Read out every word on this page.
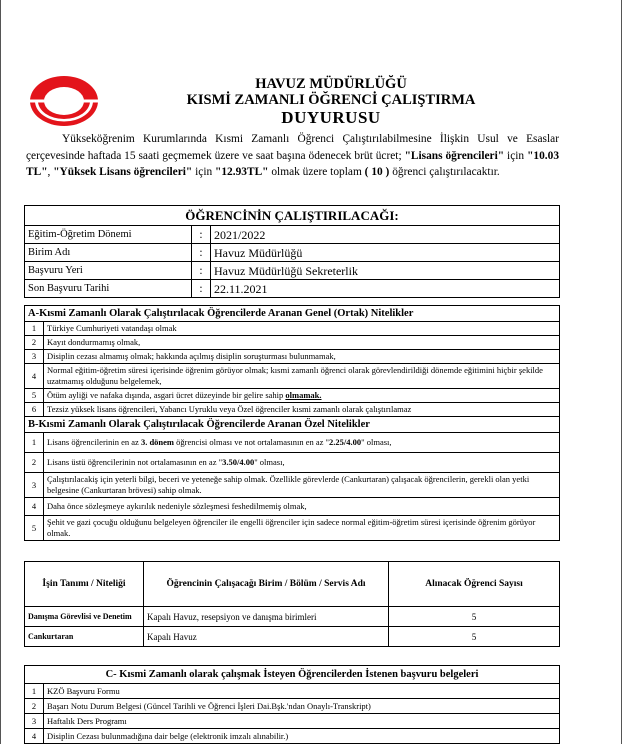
HAVUZ MÜDÜRLÜĞÜ
KISMİ ZAMANLI ÖĞRENCİ ÇALIŞTIRMA
DUYURUSU
Yükseköğrenim Kurumlarında Kısmi Zamanlı Öğrenci Çalıştırılabilmesine İlişkin Usul ve Esaslar çerçevesinde haftada 15 saati geçmemek üzere ve saat başına ödenecek brüt ücret; "Lisans öğrencileri" için "10.03 TL", "Yüksek Lisans öğrencileri" için "12.93TL" olmak üzere toplam ( 10 ) öğrenci çalıştırılacaktır.
ÖĞRENCİNİN ÇALIŞTIRILACAĞI:		
Eğitim-Öğretim Dönemi	:	2021/2022
Birim Adı	:	Havuz Müdürlüğü
Başvuru Yeri	:	Havuz Müdürlüğü Sekreterlik
Son Başvuru Tarihi	:	22.11.2021
A-Kısmi Zamanlı Olarak Çalıştırılacak Öğrencilerde Aranan Genel (Ortak) Nitelikler	
1	Türkiye Cumhuriyeti vatandaşı olmak
2	Kayıt dondurmamış olmak,
3	Disiplin cezası almamış olmak; hakkında açılmış disiplin soruşturması bulunmamak,
4	Normal eğitim-öğretim süresi içerisinde öğrenim görüyor olmak; kısmi zamanlı öğrenci olarak görevlendirildiği dönemde eğitimini hiçbir şekilde uzatmamış olduğunu belgelemek,
5	Ötüm ayliği ve nafaka dışında, asgari ücret düzeyinde bir gelire sahip olmamak.
6	Tezsiz yüksek lisans öğrencileri, Yabancı Uyruklu veya Özel öğrenciler kısmi zamanlı olarak çalıştırılamaz
B-Kısmi Zamanlı Olarak Çalıştırılacak Öğrencilerde Aranan Özel Nitelikler	
1	Lisans öğrencilerinin en az 3. dönem öğrencisi olması ve not ortalamasının en az "2.25/4.00" olması,
2	Lisans üstü öğrencilerinin not ortalamasının en az "3.50/4.00" olması,
3	Çalıştırılacakiş için yeterli bilgi, beceri ve yeteneğe sahip olmak. Özellikle görevlerde (Cankurtaran) çalışacak öğrencilerin, gerekli olan yetki belgesine (Cankurtaran brövesi) sahip olmak.
4	Daha önce sözleşmeye aykırılık nedeniyle sözleşmesi feshedilmemiş olmak,
5	Şehit ve gazi çocuğu olduğunu belgeleyen öğrenciler ile engelli öğrenciler için sadece normal eğitim-öğretim süresi içerisinde öğrenim görüyor olmak.
İşin Tanımı / Niteliği	Öğrencinin Çalışacağı Birim / Bölüm / Servis Adı	Alınacak Öğrenci Sayısı
Danışma Görevlisi ve Denetim	Kapalı Havuz, resepsiyon ve danışma birimleri	5
Cankurtaran	Kapalı Havuz	5
C- Kısmi Zamanlı olarak çalışmak İsteyen Öğrencilerden İstenen başvuru belgeleri	
1	KZÖ Başvuru Formu
2	Başarı Notu Durum Belgesi (Güncel Tarihli ve Öğrenci İşleri Dai.Bşk.'ndan Onaylı-Transkript)
3	Haftalık Ders Programı
4	Disiplin Cezası bulunmadığına dair belge (elektronik imzalı alınabilir.)
